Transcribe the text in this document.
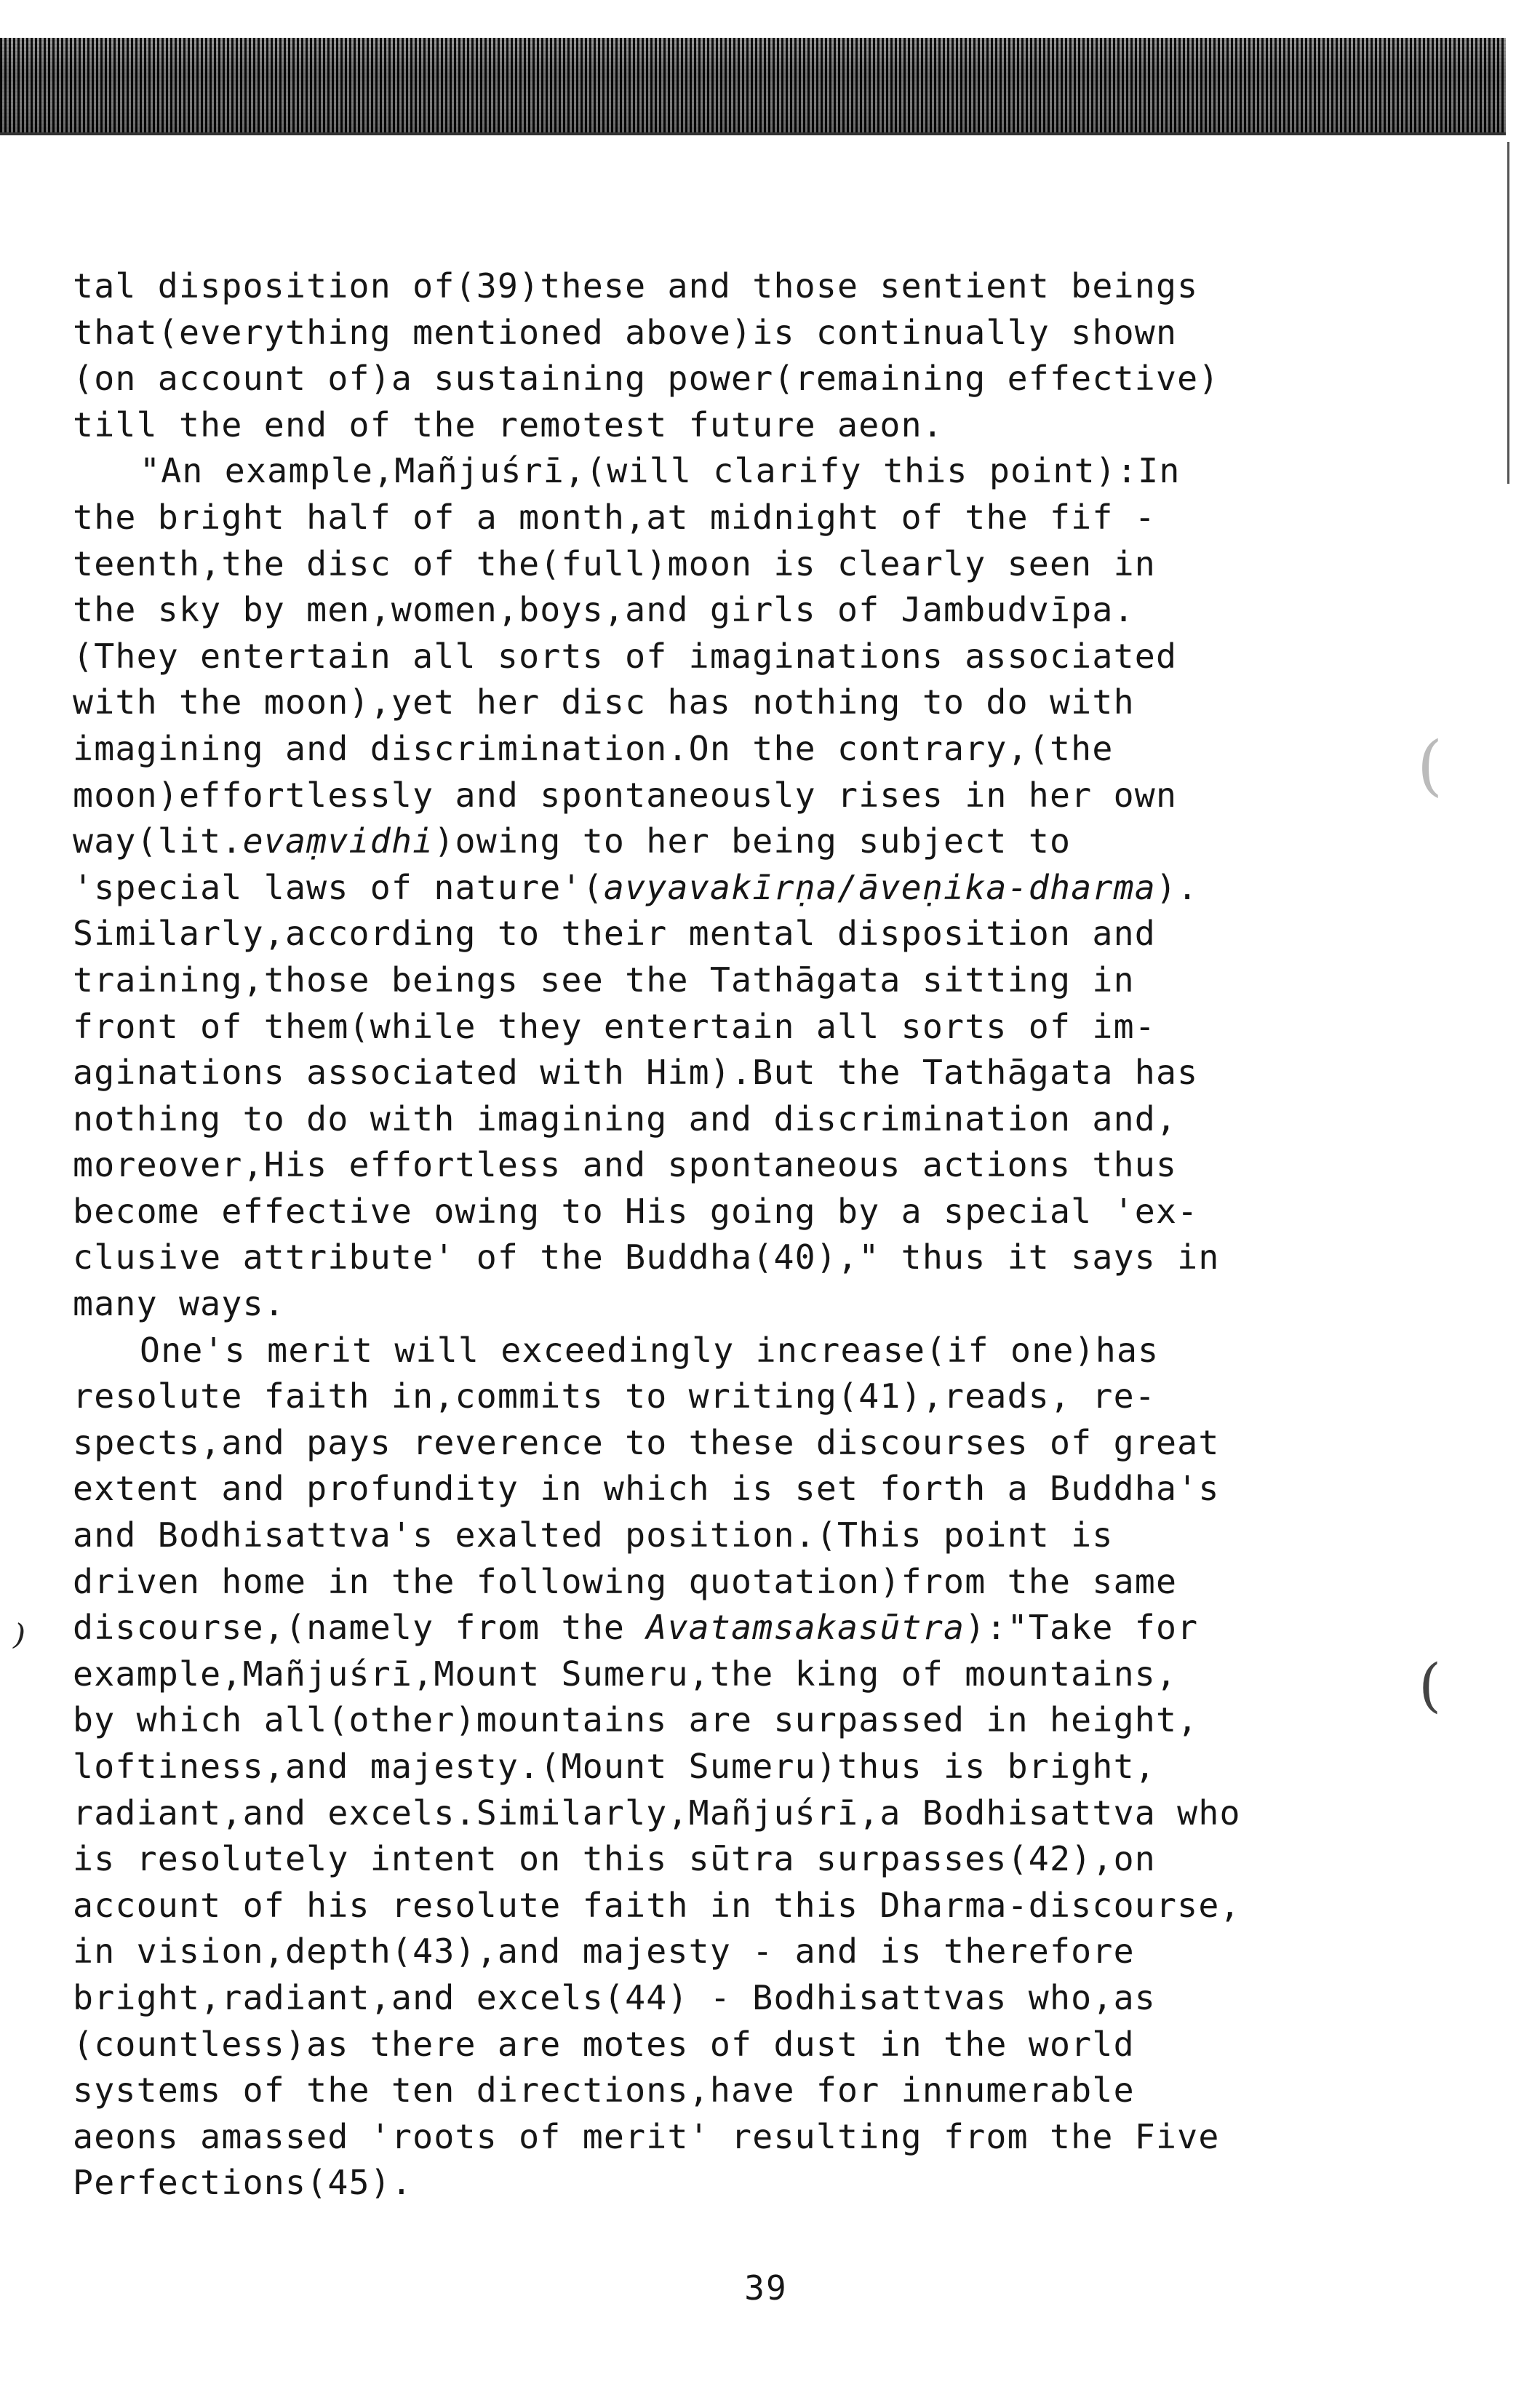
(
⁾
(
tal disposition of(39)these and those sentient beings
that(everything mentioned above)is continually shown
(on account of)a sustaining power(remaining effective)
till the end of the remotest future aeon.
"An example,Mañjuśrī,(will clarify this point):In
the bright half of a month,at midnight of the fif -
teenth,the disc of the(full)moon is clearly seen in
the sky by men,women,boys,and girls of Jambudvīpa.
(They entertain all sorts of imaginations associated
with the moon),yet her disc has nothing to do with
imagining and discrimination.On the contrary,(the
moon)effortlessly and spontaneously rises in her own
way(lit.evaṃvidhi)owing to her being subject to
'special laws of nature'(avyavakīrṇa/āveṇika-dharma).
Similarly,according to their mental disposition and
training,those beings see the Tathāgata sitting in
front of them(while they entertain all sorts of im-
aginations associated with Him).But the Tathāgata has
nothing to do with imagining and discrimination and,
moreover,His effortless and spontaneous actions thus
become effective owing to His going by a special 'ex-
clusive attribute' of the Buddha(40)," thus it says in
many ways.
One's merit will exceedingly increase(if one)has
resolute faith in,commits to writing(41),reads, re-
spects,and pays reverence to these discourses of great
extent and profundity in which is set forth a Buddha's
and Bodhisattva's exalted position.(This point is
driven home in the following quotation)from the same
discourse,(namely from the Avatamsakasūtra):"Take for
example,Mañjuśrī,Mount Sumeru,the king of mountains,
by which all(other)mountains are surpassed in height,
loftiness,and majesty.(Mount Sumeru)thus is bright,
radiant,and excels.Similarly,Mañjuśrī,a Bodhisattva who
is resolutely intent on this sūtra surpasses(42),on
account of his resolute faith in this Dharma-discourse,
in vision,depth(43),and majesty - and is therefore
bright,radiant,and excels(44) - Bodhisattvas who,as
(countless)as there are motes of dust in the world
systems of the ten directions,have for innumerable
aeons amassed 'roots of merit' resulting from the Five
Perfections(45).
39
